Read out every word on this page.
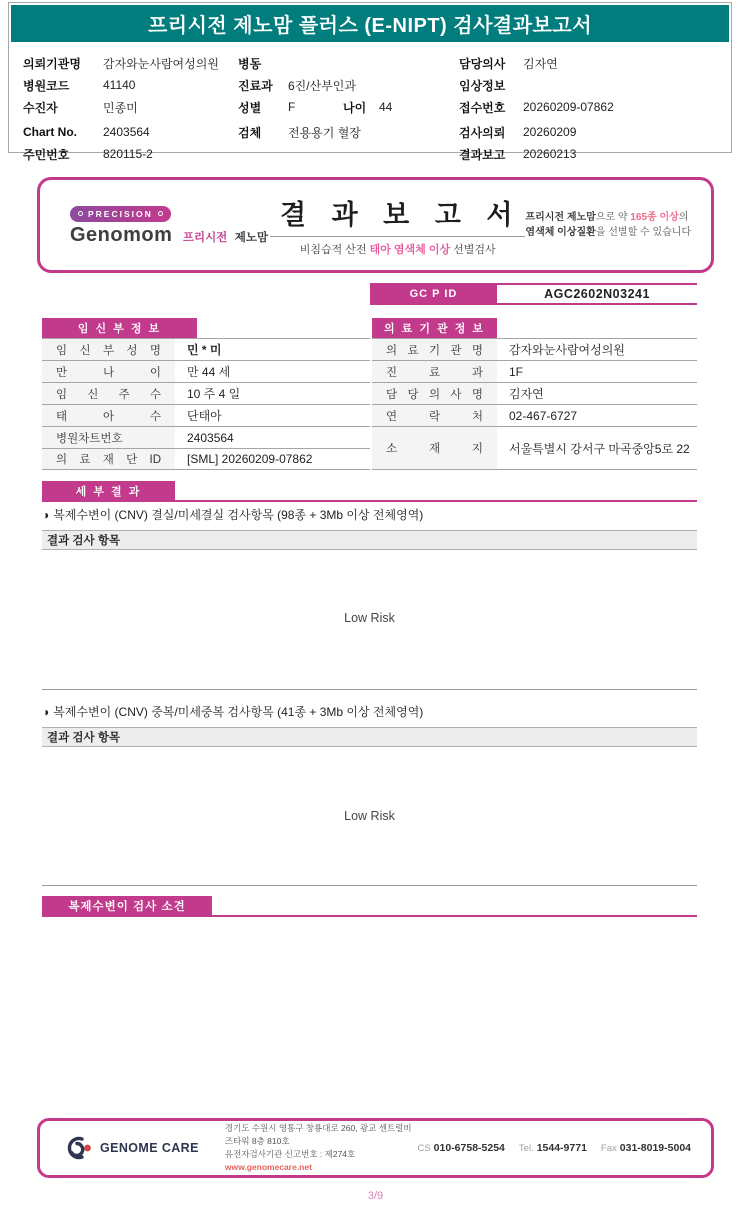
프리시전 제노맘 플러스 (E-NIPT) 검사결과보고서
의뢰기관명	감자와눈사람여성의원
병원코드	41140
수진자	민종미
Chart No.	2403564
주민번호	820115-2
병동
진료과	6진/산부인과
성별	F	나이	44
검체	전용용기 혈장
담당의사	김자연
임상정보
접수번호	20260209-07862
검사의뢰	20260209
결과보고	20260213
PRECISION
Genomom 프리시전 제노맘
결 과 보 고 서
비침습적 산전 태아 염색체 이상 선별검사
프리시전 제노맘으로 약 165종 이상의 염색체 이상질환을 선별할 수 있습니다
GC P ID	AGC2602N03241
임 신 부 정 보
임 신 부 성 명	민 * 미
만 나 이	만 44 세
임 신 주 수	10 주 4 일
태 아 수	단태아
병원차트번호	2403564
의 료 재 단 ID	[SML] 20260209-07862
의 료 기 관 정 보
의 료 기 관 명	감자와눈사람여성의원
진 료 과	1F
담 당 의 사 명	김자연
연 락 처	02-467-6727
소 재 지	서울특별시 강서구 마곡중앙5로 22
세 부 결 과
◑ 복제수변이 (CNV) 결실/미세결실 검사항목 (98종 + 3Mb 이상 전체영역)
결과 검사 항목
Low Risk
◑ 복제수변이 (CNV) 중복/미세중복 검사항목 (41종 + 3Mb 이상 전체영역)
결과 검사 항목
Low Risk
복제수변이 검사 소견
GENOME CARE
경기도 수원시 영통구 창룡대로 260, 광교 센트럴비즈타워 8층 810호
유전자검사기관 신고번호 : 제274호
www.genomecare.net
CS 010-6758-5254 Tel. 1544-9771 Fax 031-8019-5004
3/9
